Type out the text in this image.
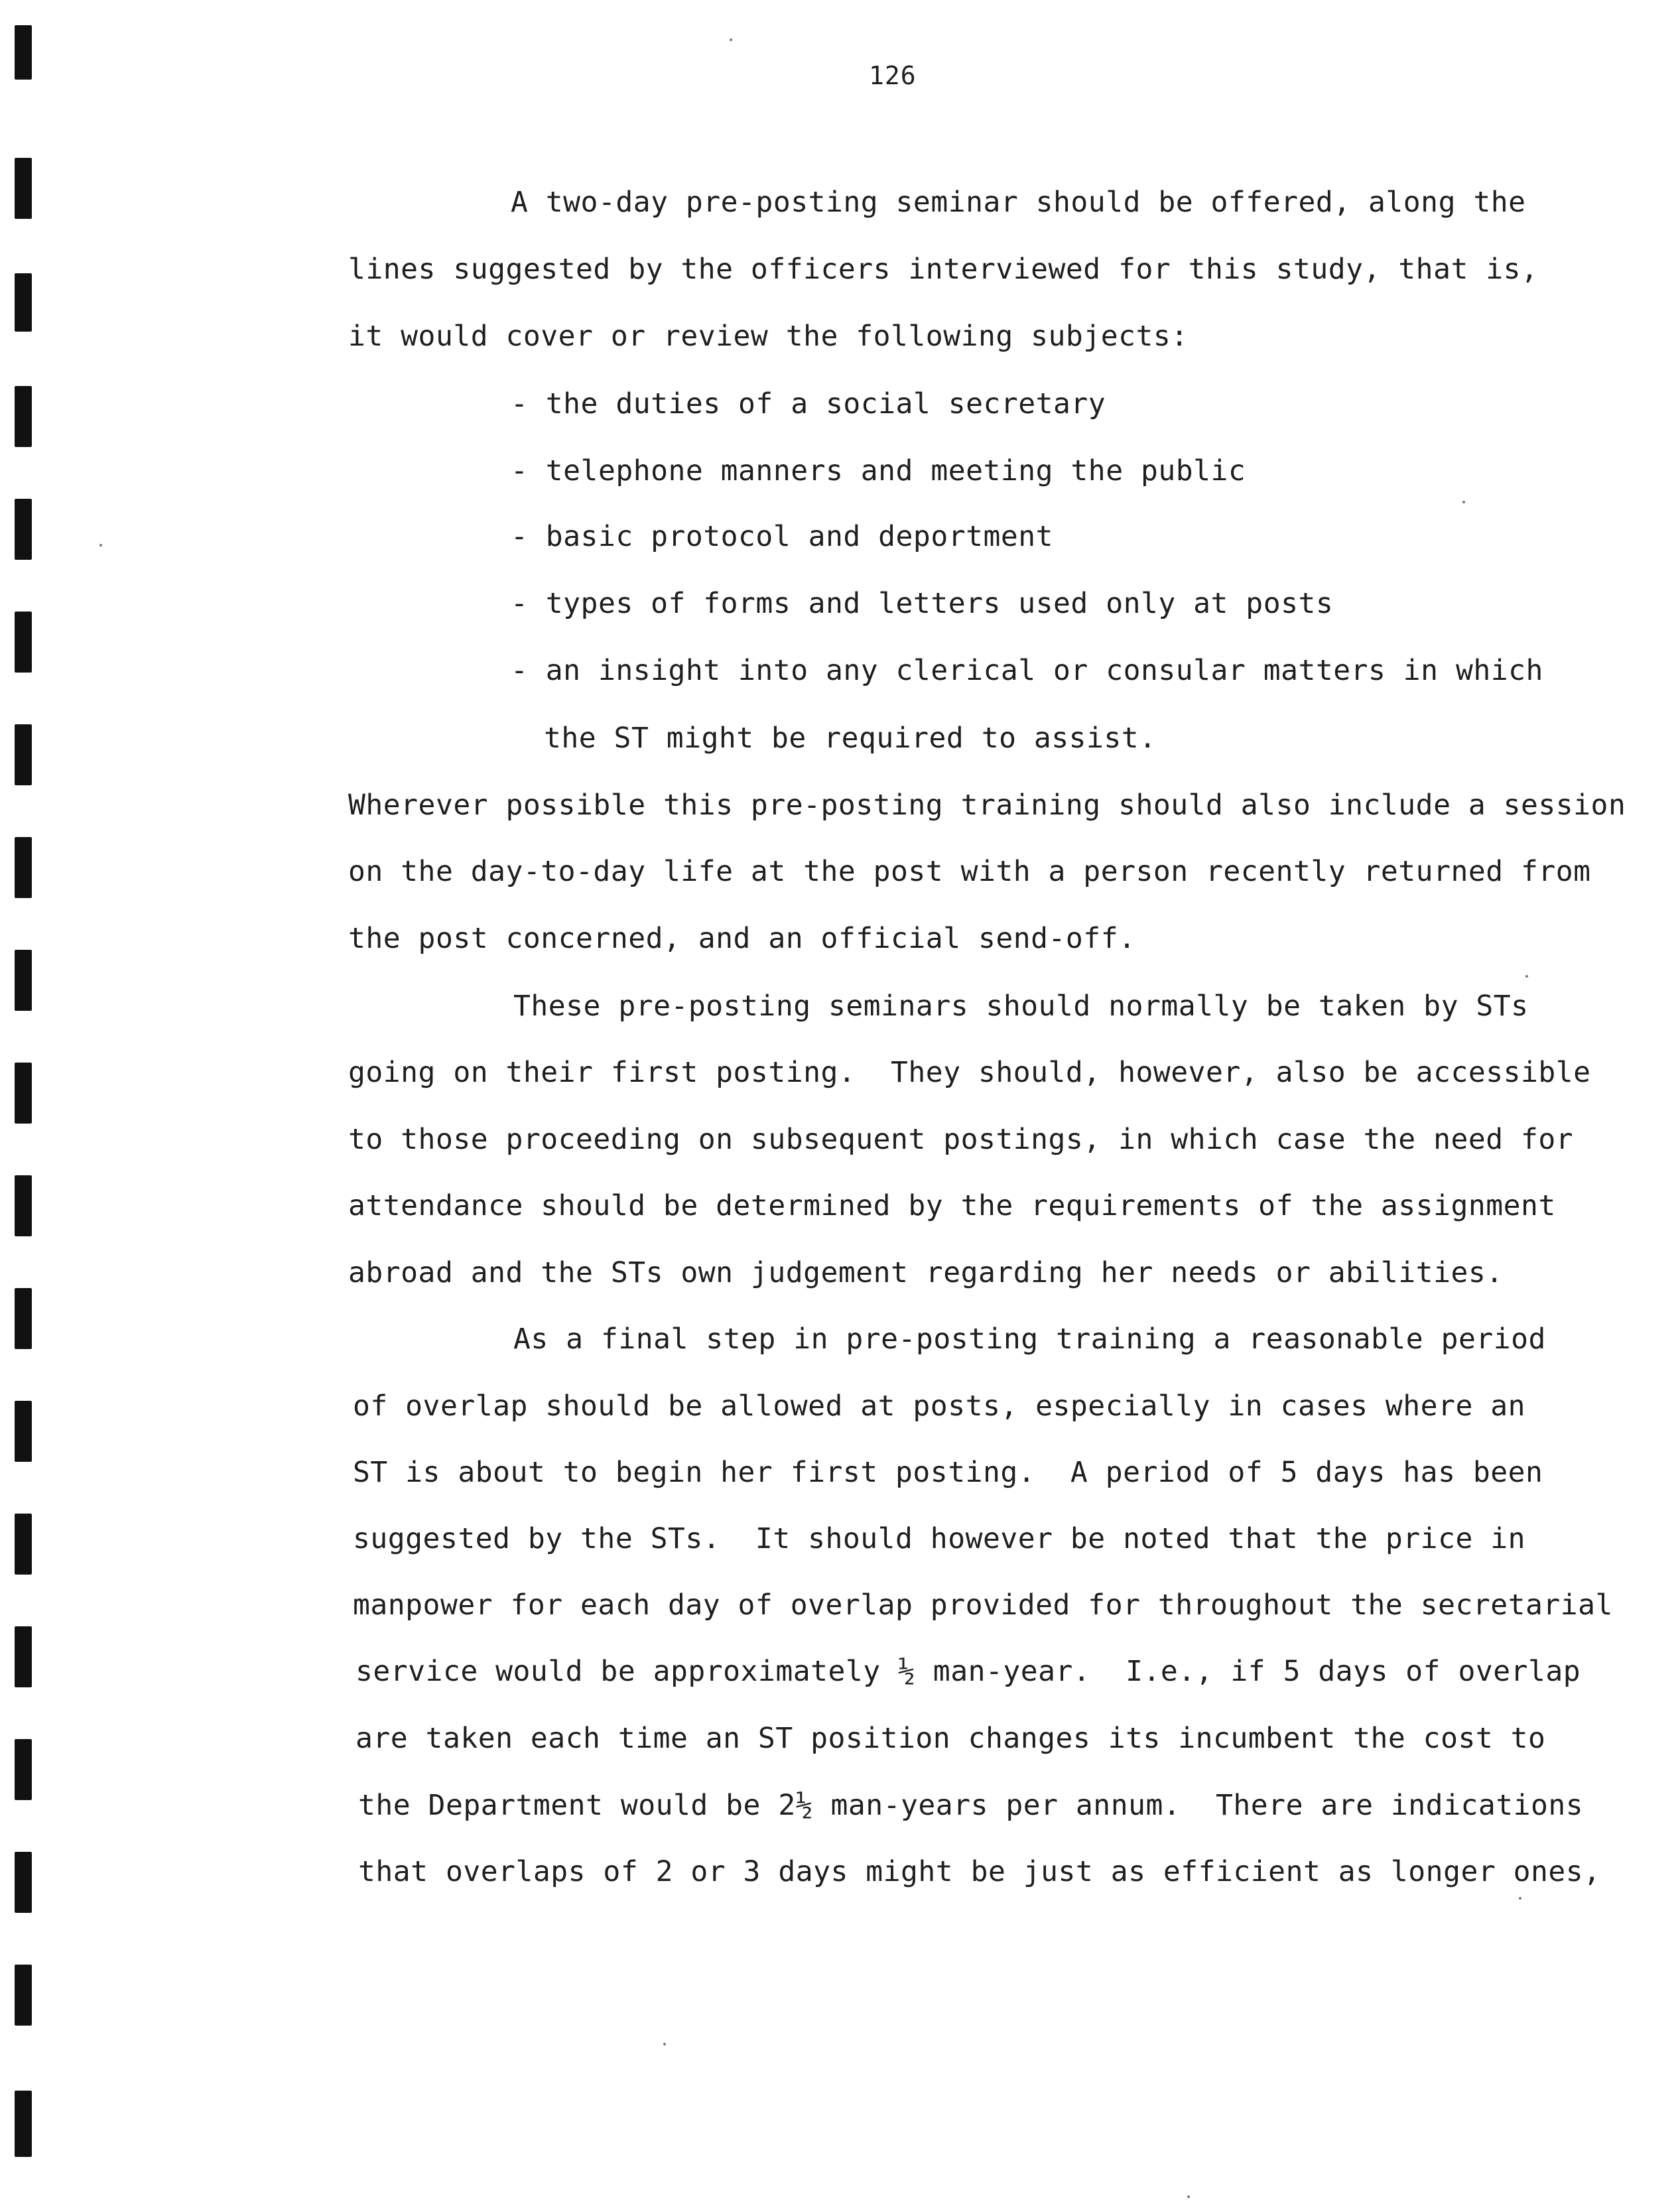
126
A two-day pre-posting seminar should be offered, along the
lines suggested by the officers interviewed for this study, that is,
it would cover or review the following subjects:
- the duties of a social secretary
- telephone manners and meeting the public
- basic protocol and deportment
- types of forms and letters used only at posts
- an insight into any clerical or consular matters in which
the ST might be required to assist.
Wherever possible this pre-posting training should also include a session
on the day-to-day life at the post with a person recently returned from
the post concerned, and an official send-off.
These pre-posting seminars should normally be taken by STs
going on their first posting.  They should, however, also be accessible
to those proceeding on subsequent postings, in which case the need for
attendance should be determined by the requirements of the assignment
abroad and the STs own judgement regarding her needs or abilities.
As a final step in pre-posting training a reasonable period
of overlap should be allowed at posts, especially in cases where an
ST is about to begin her first posting.  A period of 5 days has been
suggested by the STs.  It should however be noted that the price in
manpower for each day of overlap provided for throughout the secretarial
service would be approximately ½ man-year.  I.e., if 5 days of overlap
are taken each time an ST position changes its incumbent the cost to
the Department would be 2½ man-years per annum.  There are indications
that overlaps of 2 or 3 days might be just as efficient as longer ones,
